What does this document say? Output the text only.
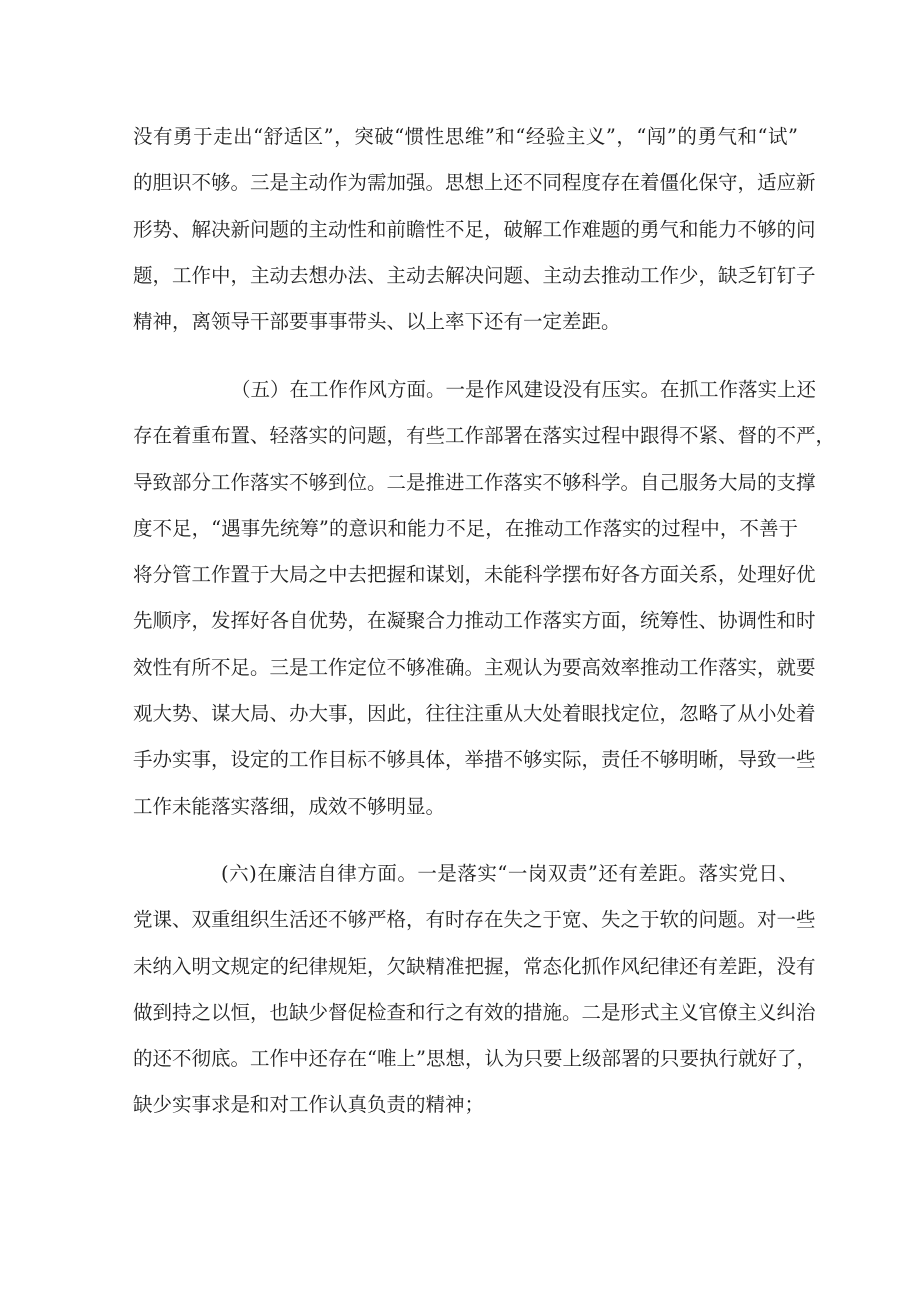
没有勇于走出“舒适区”，突破“惯性思维”和“经验主义”，“闯”的勇气和“试”
的胆识不够。三是主动作为需加强。思想上还不同程度存在着僵化保守，适应新
形势、解决新问题的主动性和前瞻性不足，破解工作难题的勇气和能力不够的问
题，工作中，主动去想办法、主动去解决问题、主动去推动工作少，缺乏钉钉子
精神，离领导干部要事事带头、以上率下还有一定差距。
（五）在工作作风方面。一是作风建设没有压实。在抓工作落实上还
存在着重布置、轻落实的问题，有些工作部署在落实过程中跟得不紧、督的不严，
导致部分工作落实不够到位。二是推进工作落实不够科学。自己服务大局的支撑
度不足，“遇事先统筹”的意识和能力不足，在推动工作落实的过程中，不善于
将分管工作置于大局之中去把握和谋划，未能科学摆布好各方面关系，处理好优
先顺序，发挥好各自优势，在凝聚合力推动工作落实方面，统筹性、协调性和时
效性有所不足。三是工作定位不够准确。主观认为要高效率推动工作落实，就要
观大势、谋大局、办大事，因此，往往注重从大处着眼找定位，忽略了从小处着
手办实事，设定的工作目标不够具体，举措不够实际，责任不够明晰，导致一些
工作未能落实落细，成效不够明显。
(六)在廉洁自律方面。一是落实“一岗双责”还有差距。落实党日、
党课、双重组织生活还不够严格，有时存在失之于宽、失之于软的问题。对一些
未纳入明文规定的纪律规矩，欠缺精准把握，常态化抓作风纪律还有差距，没有
做到持之以恒，也缺少督促检查和行之有效的措施。二是形式主义官僚主义纠治
的还不彻底。工作中还存在“唯上”思想，认为只要上级部署的只要执行就好了，
缺少实事求是和对工作认真负责的精神；
